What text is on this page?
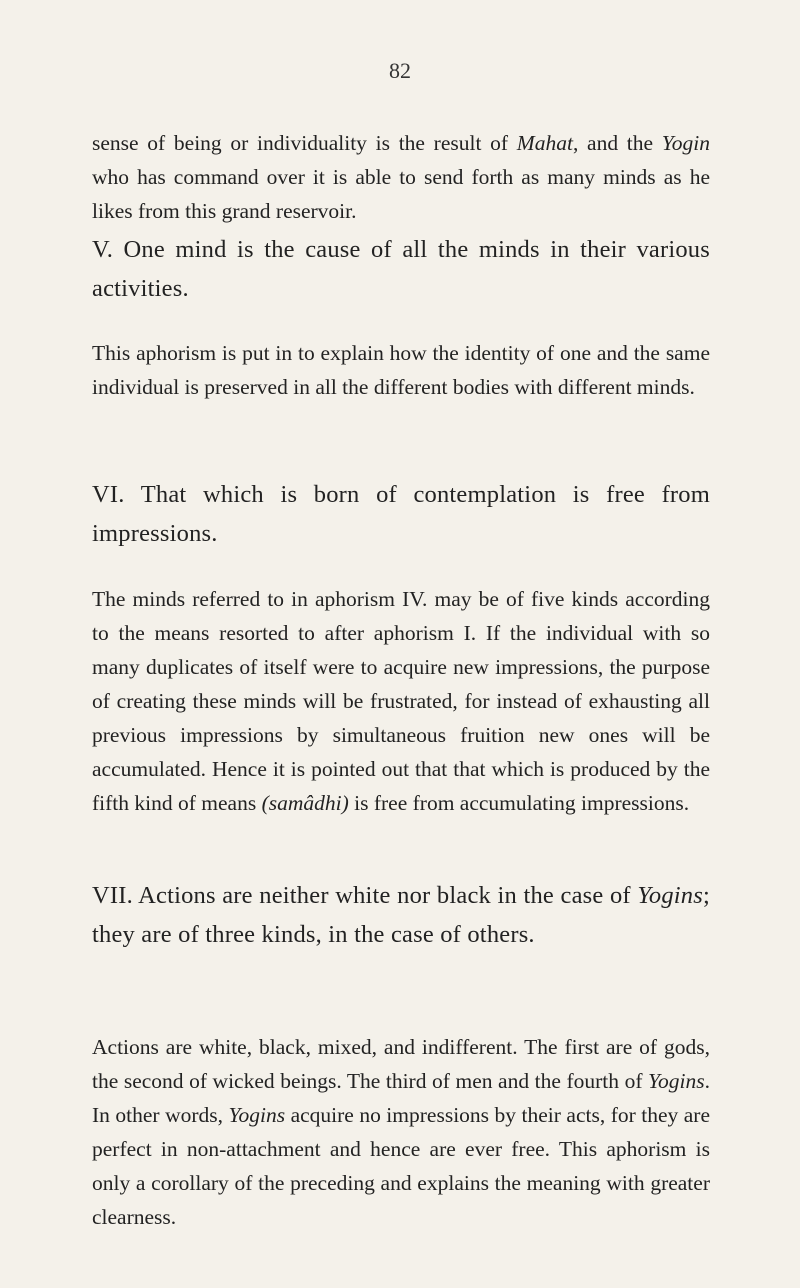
82

sense of being or individuality is the result of Mahat, and the Yogin who has command over it is able to send forth as many minds as he likes from this grand reservoir.

V. One mind is the cause of all the minds in their various activities.

This aphorism is put in to explain how the identity of one and the same individual is preserved in all the different bodies with different minds.

VI. That which is born of contemplation is free from impressions.

The minds referred to in aphorism IV. may be of five kinds according to the means resorted to after aphorism I. If the individual with so many duplicates of itself were to acquire new impressions, the purpose of creating these minds will be frustrated, for instead of exhausting all previous impressions by simultaneous fruition new ones will be accumulated. Hence it is pointed out that that which is produced by the fifth kind of means (samâdhi) is free from accumulating impressions.

VII. Actions are neither white nor black in the case of Yogins; they are of three kinds, in the case of others.

Actions are white, black, mixed, and indifferent. The first are of gods, the second of wicked beings. The third of men and the fourth of Yogins. In other words, Yogins acquire no impressions by their acts, for they are perfect in non-attachment and hence are ever free. This aphorism is only a corollary of the preceding and explains the meaning with greater clearness.
